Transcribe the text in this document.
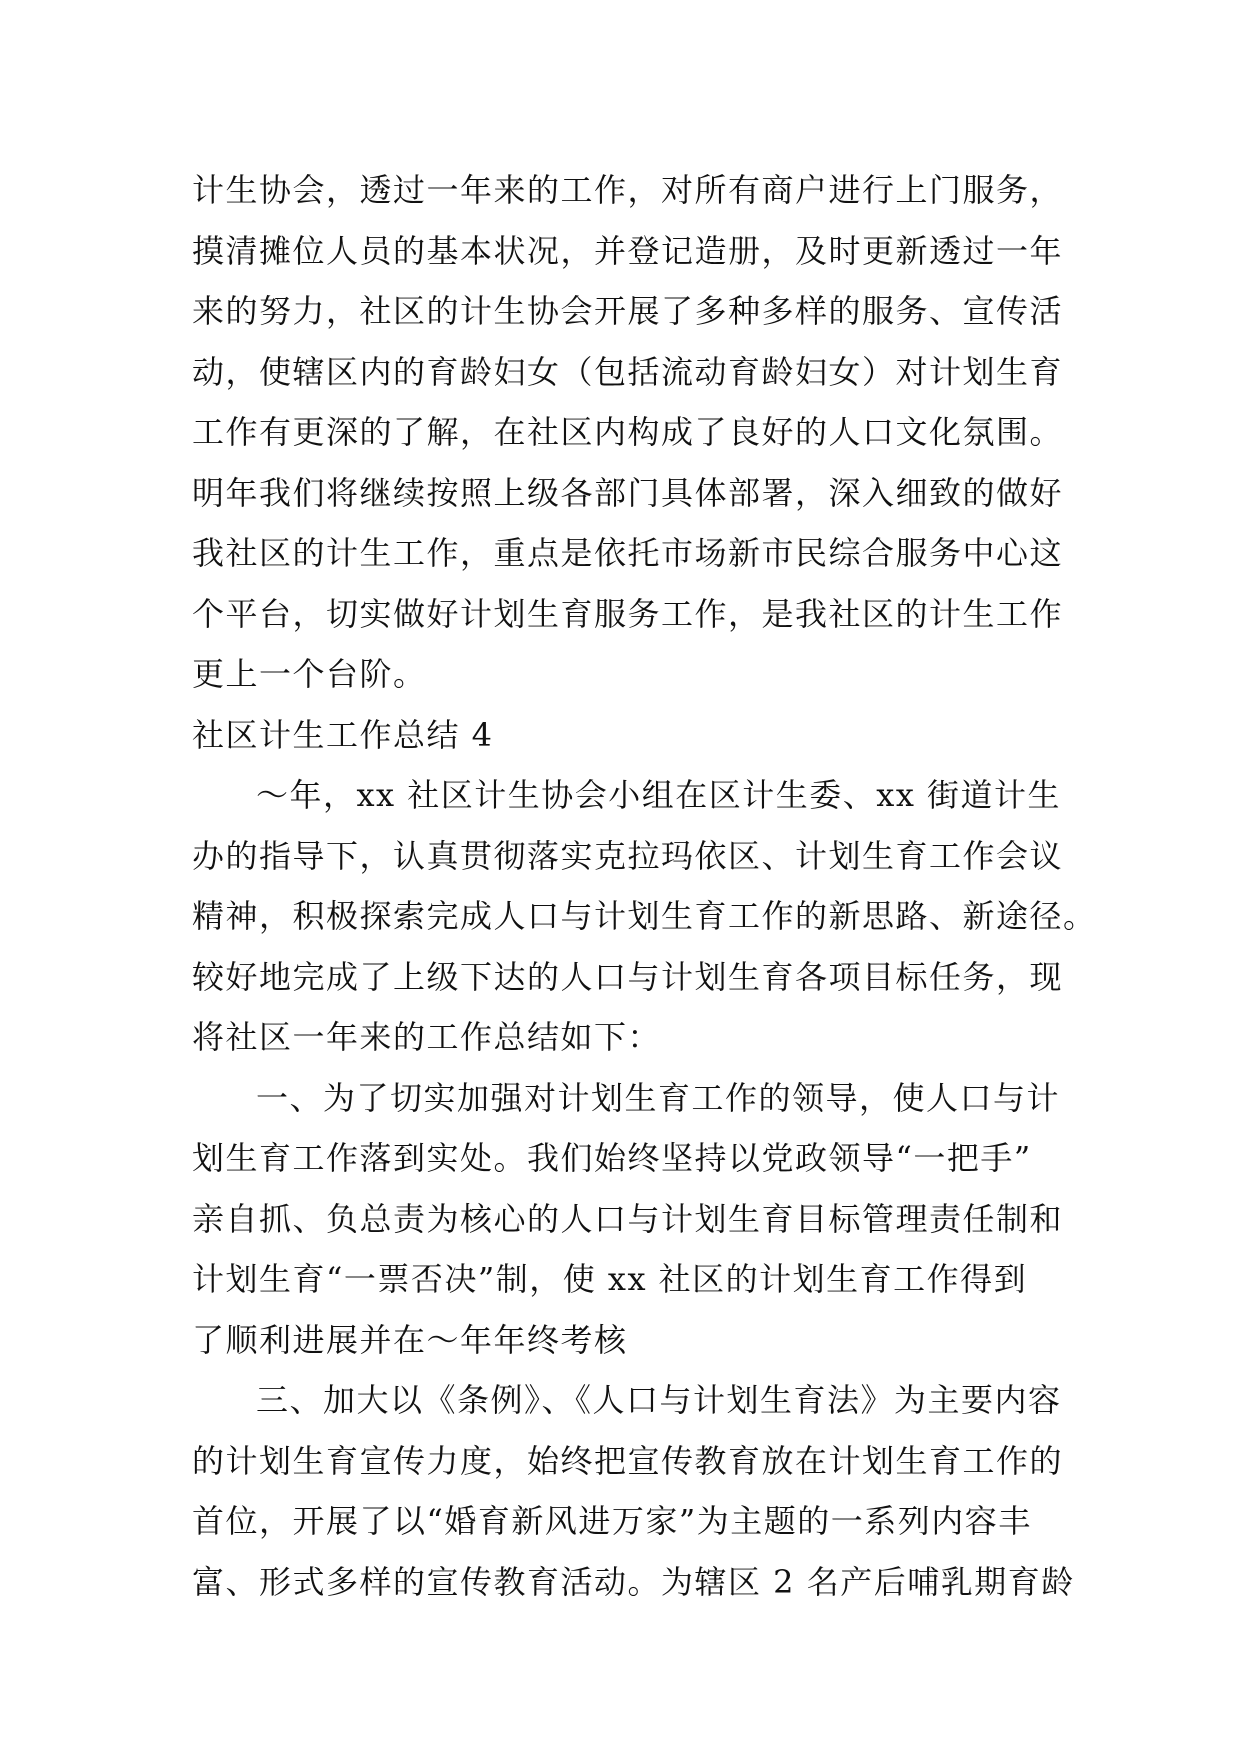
计生协会，透过一年来的工作，对所有商户进行上门服务，
摸清摊位人员的基本状况，并登记造册，及时更新透过一年
来的努力，社区的计生协会开展了多种多样的服务、宣传活
动，使辖区内的育龄妇女（包括流动育龄妇女）对计划生育
工作有更深的了解，在社区内构成了良好的人口文化氛围。
明年我们将继续按照上级各部门具体部署，深入细致的做好
我社区的计生工作，重点是依托市场新市民综合服务中心这
个平台，切实做好计划生育服务工作，是我社区的计生工作
更上一个台阶。
社区计生工作总结 4
～年，xx 社区计生协会小组在区计生委、xx 街道计生
办的指导下，认真贯彻落实克拉玛依区、计划生育工作会议
精神，积极探索完成人口与计划生育工作的新思路、新途径。
较好地完成了上级下达的人口与计划生育各项目标任务，现
将社区一年来的工作总结如下：
一、为了切实加强对计划生育工作的领导，使人口与计
划生育工作落到实处。我们始终坚持以党政领导“一把手”
亲自抓、负总责为核心的人口与计划生育目标管理责任制和
计划生育“一票否决”制，使 xx 社区的计划生育工作得到
了顺利进展并在～年年终考核
三、加大以《条例》、《人口与计划生育法》为主要内容
的计划生育宣传力度，始终把宣传教育放在计划生育工作的
首位，开展了以“婚育新风进万家”为主题的一系列内容丰
富、形式多样的宣传教育活动。为辖区 2 名产后哺乳期育龄
